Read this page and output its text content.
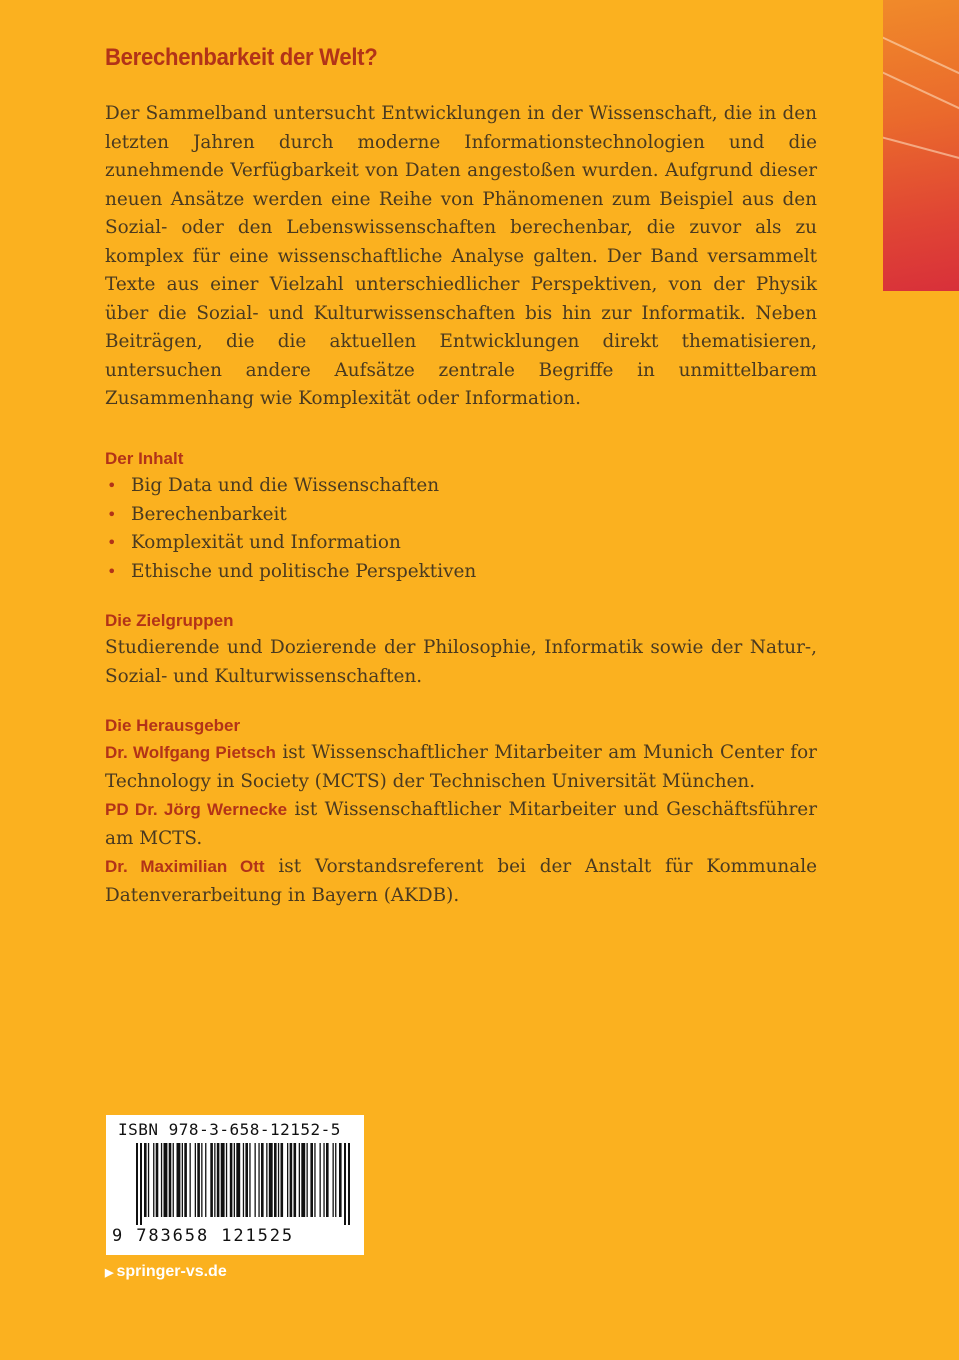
Berechenbarkeit der Welt?

Der Sammelband untersucht Entwicklungen in der Wissenschaft, die in den letzten Jahren durch moderne Informationstechnologien und die zunehmende Verfügbarkeit von Daten angestoßen wurden. Aufgrund dieser neuen Ansätze werden eine Reihe von Phänomenen zum Beispiel aus den Sozial- oder den Lebenswissenschaften berechenbar, die zuvor als zu komplex für eine wissenschaftliche Analyse galten. Der Band versammelt Texte aus einer Vielzahl unterschiedlicher Perspektiven, von der Physik über die Sozial- und Kulturwissenschaften bis hin zur Informatik. Neben Beiträgen, die die aktuellen Entwicklungen direkt thematisieren, untersuchen andere Aufsätze zentrale Begriffe in unmittelbarem Zusammenhang wie Komplexität oder Information.

Der Inhalt
• Big Data und die Wissenschaften
• Berechenbarkeit
• Komplexität und Information
• Ethische und politische Perspektiven
Die Zielgruppen

Studierende und Dozierende der Philosophie, Informatik sowie der Natur-, Sozial- und Kulturwissenschaften.

Die Herausgeber

Dr. Wolfgang Pietsch ist Wissenschaftlicher Mitarbeiter am Munich Center for Technology in Society (MCTS) der Technischen Universität München.

PD Dr. Jörg Wernecke ist Wissenschaftlicher Mitarbeiter und Geschäftsführer am MCTS.

Dr. Maximilian Ott ist Vorstandsreferent bei der Anstalt für Kommunale Datenverarbeitung in Bayern (AKDB).

ISBN 978-3-658-12152-5
9 783658 121525
▶ springer-vs.de
